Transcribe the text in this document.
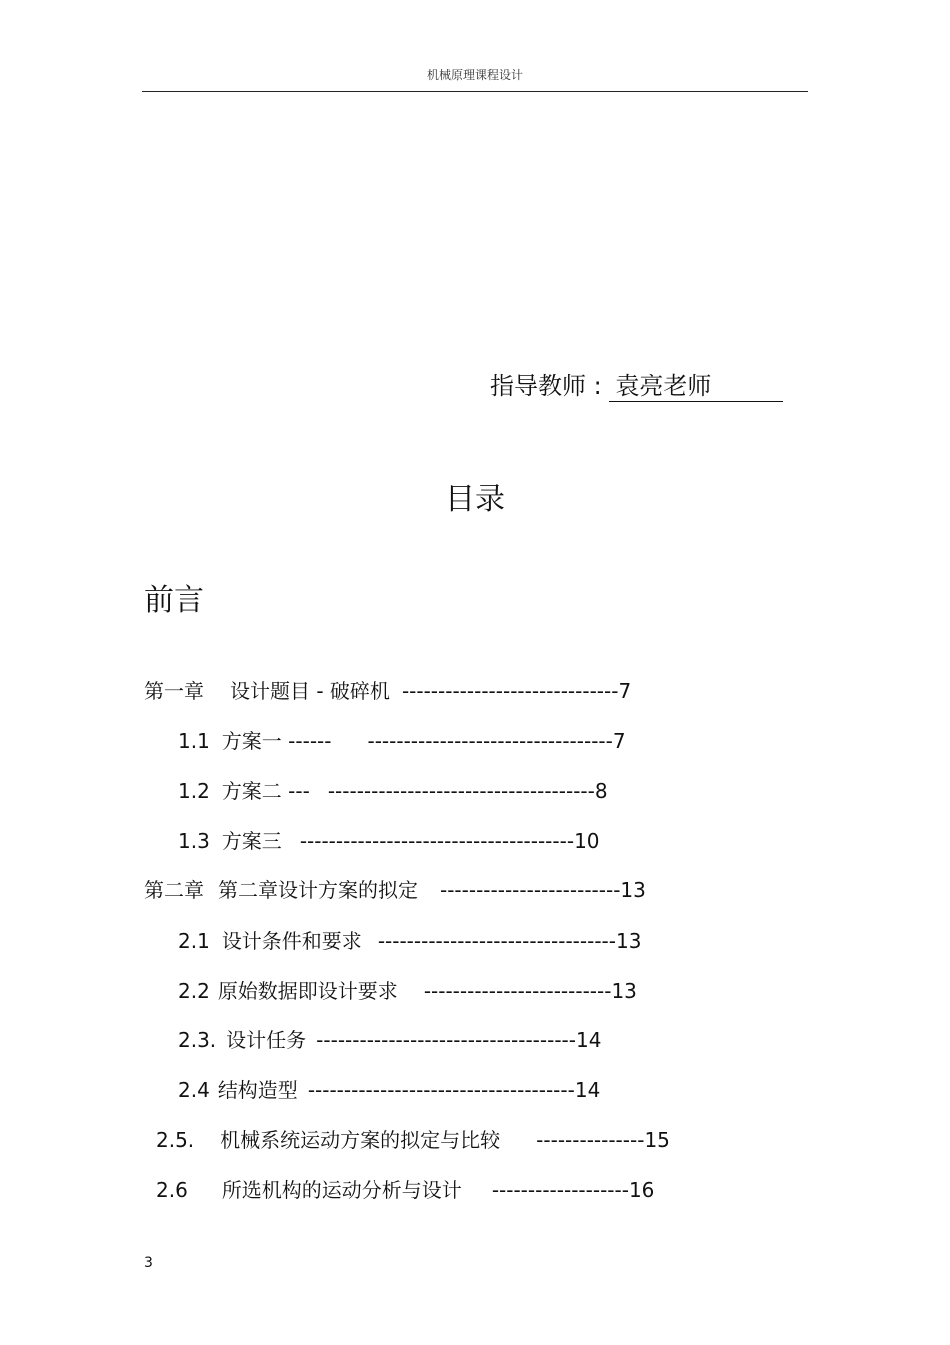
机械原理课程设计
指导教师 : 袁亮老师
目录
前言
第一章 设计题目 - 破碎机 ------------------------------7
1.1 方案一 ------ ----------------------------------7
1.2 方案二 --- -------------------------------------8
1.3 方案三 --------------------------------------10
第二章 第二章设计方案的拟定 -------------------------13
2.1 设计条件和要求 ---------------------------------13
2.2 原始数据即设计要求 --------------------------13
2.3. 设计任务 ------------------------------------14
2.4 结构造型 -------------------------------------14
2.5. 机械系统运动方案的拟定与比较 ---------------15
2.6 所选机构的运动分析与设计 -------------------16
3
